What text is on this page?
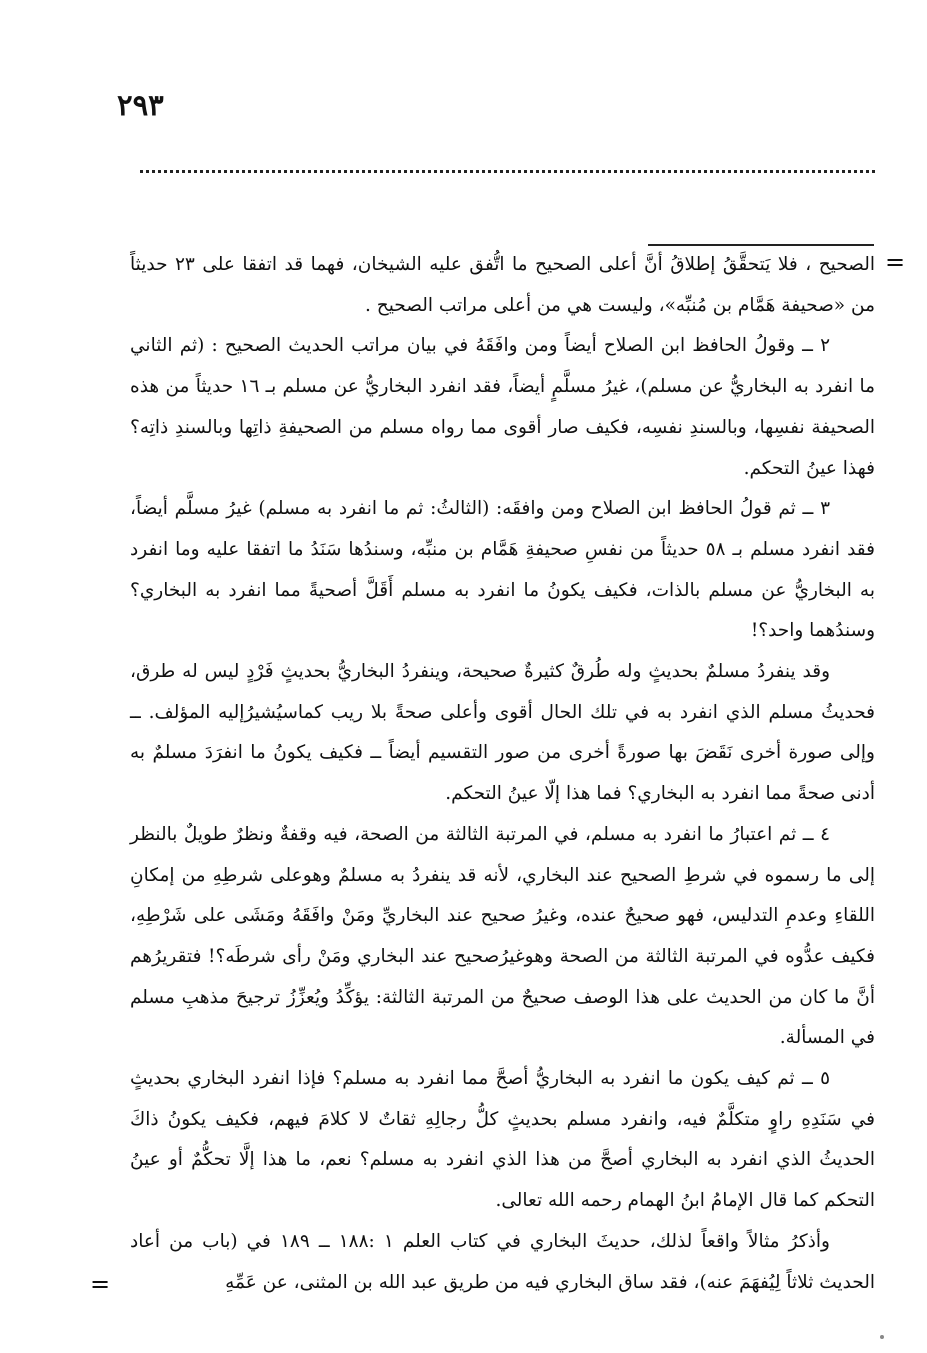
٢٩٣
=
=

الصحيح ، فلا يَتحقَّقُ إطلاقُ أنَّ أعلى الصحيح ما اتُّفق عليه الشيخان، فهما قد اتفقا على ٢٣ حديثاً من «صحيفة هَمَّام بن مُنبِّه»، وليست هي من أعلى مراتب الصحيح .

٢ ــ وقولُ الحافظ ابن الصلاح أيضاً ومن وافَقَهُ في بيان مراتب الحديث الصحيح : (ثم الثاني ما انفرد به البخاريُّ عن مسلم)، غيرُ مسلَّمٍ أيضاً، فقد انفرد البخاريُّ عن مسلم بـ ١٦ حديثاً من هذه الصحيفة نفسِها، وبالسندِ نفسِه، فكيف صار أقوى مما رواه مسلم من الصحيفةِ ذاتِها وبالسندِ ذاتِه؟ فهذا عينُ التحكم.

٣ ــ ثم قولُ الحافظ ابن الصلاح ومن وافقَه: (الثالثُ: ثم ما انفرد به مسلم) غيرُ مسلَّم أيضاً، فقد انفرد مسلم بـ ٥٨ حديثاً من نفسِ صحيفةِ هَمَّام بن منبِّه، وسندُها سَنَدُ ما اتفقا عليه وما انفرد به البخاريُّ عن مسلم بالذات، فكيف يكونُ ما انفرد به مسلم أَقَلَّ أصحيةً مما انفرد به البخاري؟ وسندُهما واحد؟!

وقد ينفردُ مسلمٌ بحديثٍ وله طُرقٌ كثيرةٌ صحيحة، وينفردُ البخاريُّ بحديثٍ فَرْدٍ ليس له طرق، فحديثُ مسلم الذي انفرد به في تلك الحال أقوى وأعلى صحةً بلا ريب كماسيُشيرُإليه المؤلف. ــ وإلى صورة أخرى نَقَضَ بها صورةً أخرى من صور التقسيم أيضاً ــ فكيف يكونُ ما انفرَدَ مسلمٌ به أدنى صحةً مما انفرد به البخاري؟ فما هذا إلّا عينُ التحكم.

٤ ــ ثم اعتبارُ ما انفرد به مسلم، في المرتبة الثالثة من الصحة، فيه وقفةٌ ونظرٌ طويلٌ بالنظر إلى ما رسموه في شرطِ الصحيح عند البخاري، لأنه قد ينفردُ به مسلمٌ وهوعلى شرطِهِ من إمكانِ اللقاءِ وعدمِ التدليس، فهو صحيحٌ عنده، وغيرُ صحيح عند البخاريِّ ومَنْ وافَقَهُ ومَشَى على شَرْطِهِ، فكيف عدُّوه في المرتبة الثالثة من الصحة وهوغيرُصحيح عند البخاري ومَنْ رأى شرطَه؟! فتقريرُهم أنَّ ما كان من الحديث على هذا الوصف صحيحٌ من المرتبة الثالثة: يؤكِّدُ ويُعزِّزُ ترجيحَ مذهبِ مسلم في المسألة.

٥ ــ ثم كيف يكون ما انفرد به البخاريُّ أصحَّ مما انفرد به مسلم؟ فإذا انفرد البخاري بحديثٍ في سَنَدِهِ راوٍ متكلَّمٌ فيه، وانفرد مسلم بحديثٍ كلُّ رجالِهِ ثقاتٌ لا كلامَ فيهم، فكيف يكونُ ذاكَ الحديثُ الذي انفرد به البخاري أصحَّ من هذا الذي انفرد به مسلم؟ نعم، ما هذا إلَّا تحكُّمٌ أو عينُ التحكم كما قال الإمامُ ابنُ الهمام رحمه الله تعالى.

وأذكرُ مثالاً واقعاً لذلك، حديثَ البخاري في كتاب العلم ١ :١٨٨ ــ ١٨٩ في (باب من أعاد الحديث ثلاثاً لِيُفهَمَ عنه)، فقد ساق البخاري فيه من طريق عبد الله بن المثنى، عن عَمِّهِ
